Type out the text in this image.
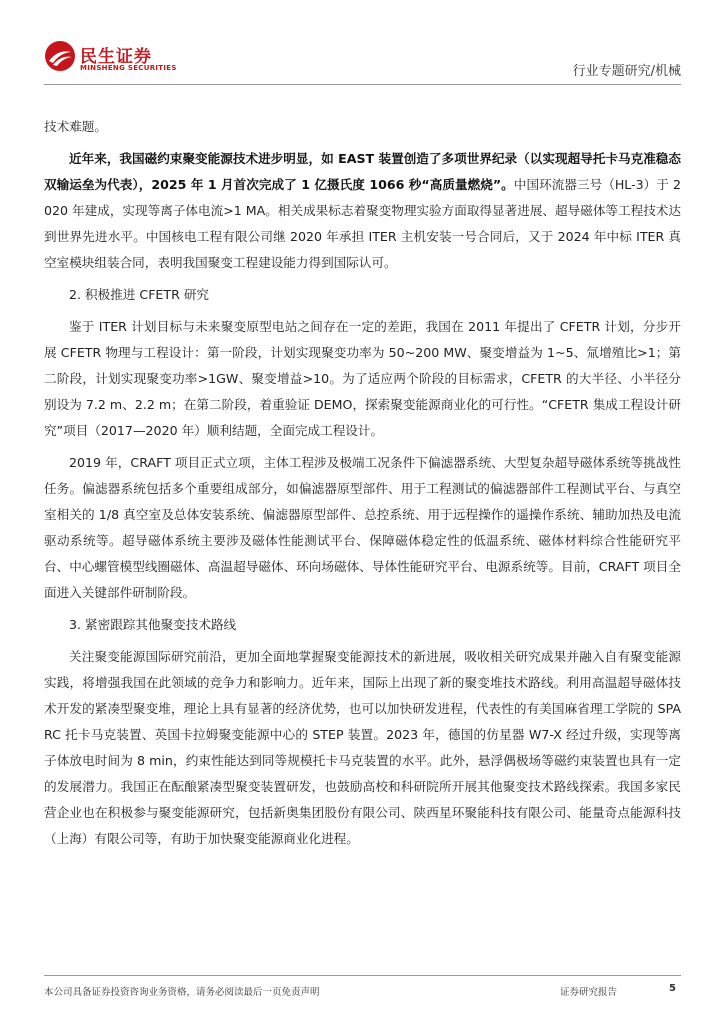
民生证券
MINSHENG SECURITIES	行业专题研究/机械

技术难题。

近年来，我国磁约束聚变能源技术进步明显，如 EAST 装置创造了多项世界纪录（以实现超导托卡马克准稳态双输运垒为代表），2025 年 1 月首次完成了 1 亿摄氏度 1066 秒“高质量燃烧”。中国环流器三号（HL-3）于 2020 年建成，实现等离子体电流>1 MA。相关成果标志着聚变物理实验方面取得显著进展、超导磁体等工程技术达到世界先进水平。中国核电工程有限公司继 2020 年承担 ITER 主机安装一号合同后，又于 2024 年中标 ITER 真空室模块组装合同，表明我国聚变工程建设能力得到国际认可。

2. 积极推进 CFETR 研究

鉴于 ITER 计划目标与未来聚变原型电站之间存在一定的差距，我国在 2011 年提出了 CFETR 计划，分步开展 CFETR 物理与工程设计：第一阶段，计划实现聚变功率为 50~200 MW、聚变增益为 1~5、氚增殖比>1；第二阶段，计划实现聚变功率>1GW、聚变增益>10。为了适应两个阶段的目标需求，CFETR 的大半径、小半径分别设为 7.2 m、2.2 m；在第二阶段，着重验证 DEMO，探索聚变能源商业化的可行性。“CFETR 集成工程设计研究”项目（2017—2020 年）顺利结题，全面完成工程设计。

2019 年，CRAFT 项目正式立项，主体工程涉及极端工况条件下偏滤器系统、大型复杂超导磁体系统等挑战性任务。偏滤器系统包括多个重要组成部分，如偏滤器原型部件、用于工程测试的偏滤器部件工程测试平台、与真空室相关的 1/8 真空室及总体安装系统、偏滤器原型部件、总控系统、用于远程操作的遥操作系统、辅助加热及电流驱动系统等。超导磁体系统主要涉及磁体性能测试平台、保障磁体稳定性的低温系统、磁体材料综合性能研究平台、中心螺管模型线圈磁体、高温超导磁体、环向场磁体、导体性能研究平台、电源系统等。目前，CRAFT 项目全面进入关键部件研制阶段。

3. 紧密跟踪其他聚变技术路线

关注聚变能源国际研究前沿，更加全面地掌握聚变能源技术的新进展，吸收相关研究成果并融入自有聚变能源实践，将增强我国在此领域的竞争力和影响力。近年来，国际上出现了新的聚变堆技术路线。利用高温超导磁体技术开发的紧凑型聚变堆，理论上具有显著的经济优势，也可以加快研发进程，代表性的有美国麻省理工学院的 SPARC 托卡马克装置、英国卡拉姆聚变能源中心的 STEP 装置。2023 年，德国的仿星器 W7-X 经过升级，实现等离子体放电时间为 8 min，约束性能达到同等规模托卡马克装置的水平。此外，悬浮偶极场等磁约束装置也具有一定的发展潜力。我国正在酝酿紧凑型聚变装置研发，也鼓励高校和科研院所开展其他聚变技术路线探索。我国多家民营企业也在积极参与聚变能源研究，包括新奥集团股份有限公司、陕西星环聚能科技有限公司、能量奇点能源科技（上海）有限公司等，有助于加快聚变能源商业化进程。

本公司具备证券投资咨询业务资格，请务必阅读最后一页免责声明	证券研究报告	5
